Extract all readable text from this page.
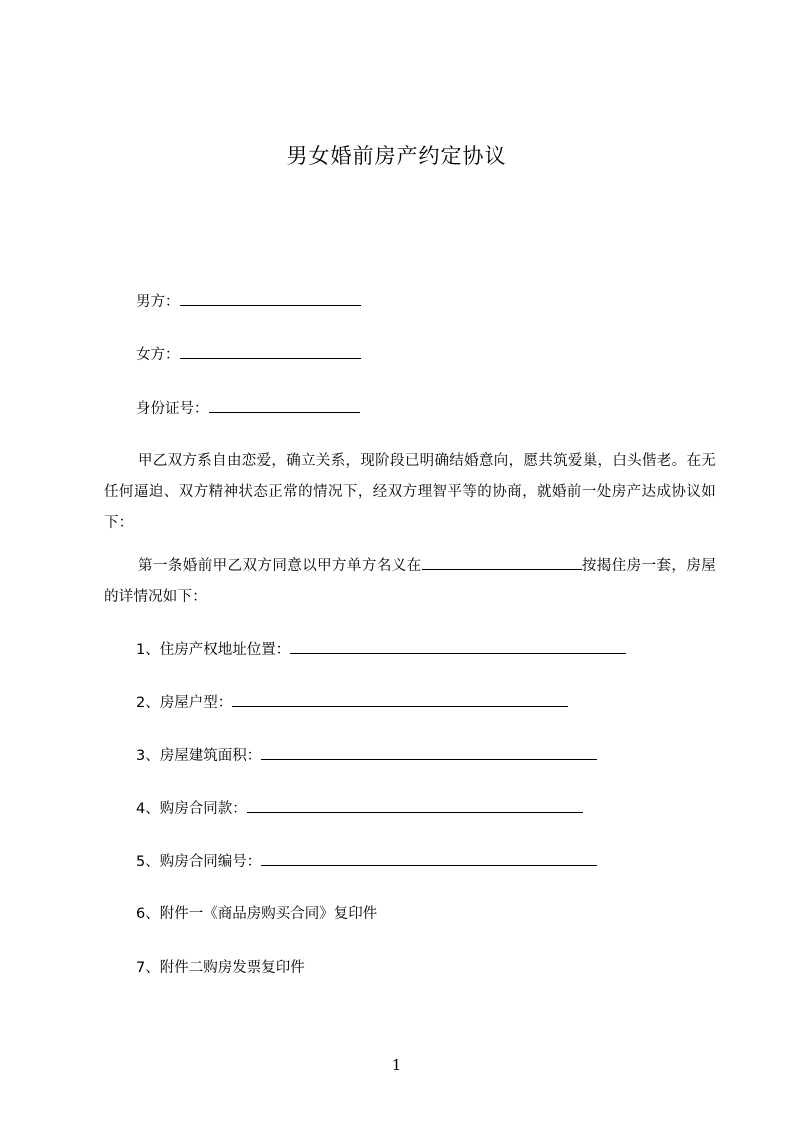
男女婚前房产约定协议
男方：
女方：
身份证号：
甲乙双方系自由恋爱，确立关系，现阶段已明确结婚意向，愿共筑爱巢，白头偕老。在无任何逼迫、双方精神状态正常的情况下，经双方理智平等的协商，就婚前一处房产达成协议如下：
第一条婚前甲乙双方同意以甲方单方名义在	按揭住房一套，房屋的详情况如下：
1、住房产权地址位置：
2、房屋户型：
3、房屋建筑面积：
4、购房合同款：
5、购房合同编号：
6、附件一《商品房购买合同》复印件
7、附件二购房发票复印件
1
